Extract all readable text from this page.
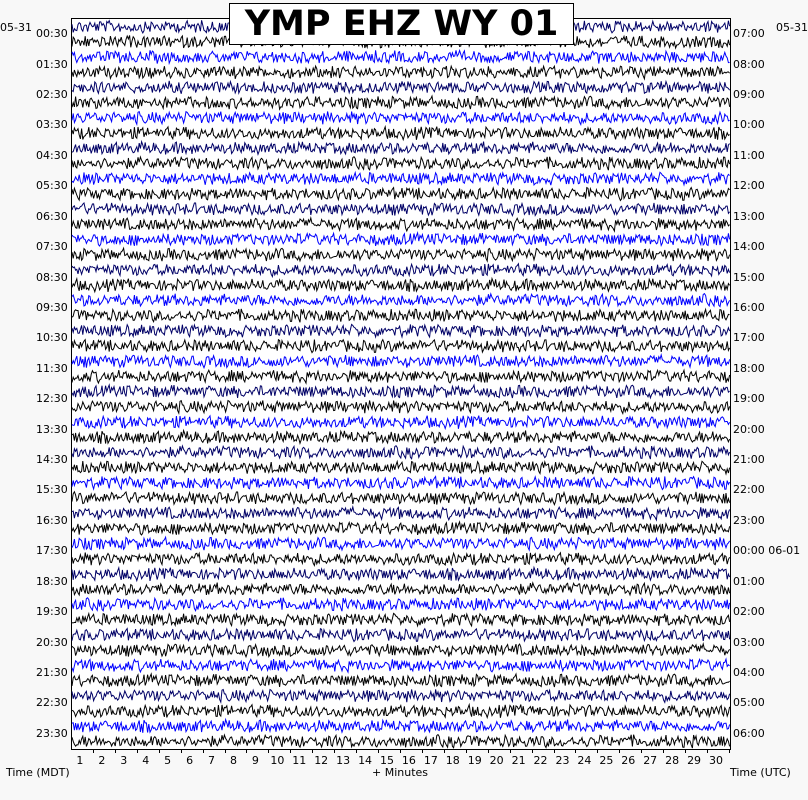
YMP EHZ WY 01
05-31	05-31
00:30
01:30
02:30
03:30
04:30
05:30
06:30
07:30
08:30
09:30
10:30
11:30
12:30
13:30
14:30
15:30
16:30
17:30
18:30
19:30
20:30
21:30
22:30
23:30
07:00
08:00
09:00
10:00
11:00
12:00
13:00
14:00
15:00
16:00
17:00
18:00
19:00
20:00
21:00
22:00
23:00
00:00 06-01
01:00
02:00
03:00
04:00
05:00
06:00
1 2 3 4 5 6 7 8 9 10 11 12 13 14 15 16 17 18 19 20 21 22 23 24 25 26 27 28 29 30
Time (MDT)	+ Minutes	Time (UTC)
